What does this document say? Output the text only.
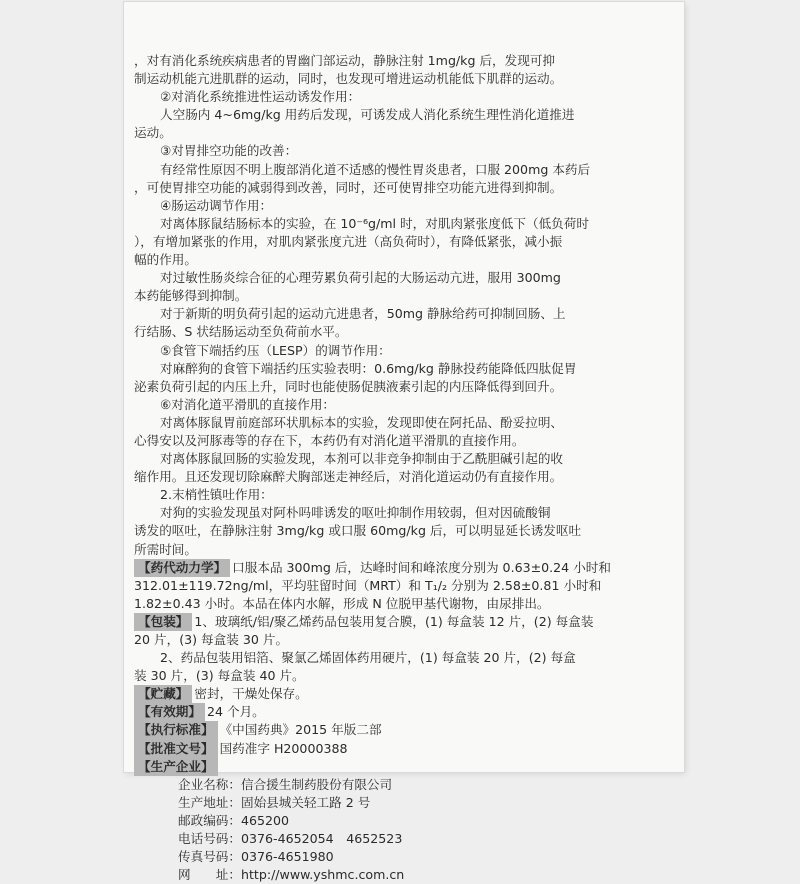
，对有消化系统疾病患者的胃幽门部运动，静脉注射 1mg/kg 后，发现可抑
制运动机能亢进肌群的运动，同时，也发现可增进运动机能低下肌群的运动。
②对消化系统推进性运动诱发作用：
人空肠内 4~6mg/kg 用药后发现，可诱发成人消化系统生理性消化道推进
运动。
③对胃排空功能的改善：
有经常性原因不明上腹部消化道不适感的慢性胃炎患者，口服 200mg 本药后
，可使胃排空功能的减弱得到改善，同时，还可使胃排空功能亢进得到抑制。
④肠运动调节作用：
对离体豚鼠结肠标本的实验，在 10⁻⁶g/ml 时，对肌肉紧张度低下（低负荷时
），有增加紧张的作用，对肌肉紧张度亢进（高负荷时），有降低紧张，减小振
幅的作用。
对过敏性肠炎综合征的心理劳累负荷引起的大肠运动亢进，服用 300mg
本药能够得到抑制。
对于新斯的明负荷引起的运动亢进患者，50mg 静脉给药可抑制回肠、上
行结肠、S 状结肠运动至负荷前水平。
⑤食管下端括约压（LESP）的调节作用：
对麻醉狗的食管下端括约压实验表明：0.6mg/kg 静脉投药能降低四肽促胃
泌素负荷引起的内压上升，同时也能使肠促胰液素引起的内压降低得到回升。
⑥对消化道平滑肌的直接作用：
对离体豚鼠胃前庭部环状肌标本的实验，发现即使在阿托品、酚妥拉明、
心得安以及河豚毒等的存在下，本药仍有对消化道平滑肌的直接作用。
对离体豚鼠回肠的实验发现，本剂可以非竞争抑制由于乙酰胆碱引起的收
缩作用。且还发现切除麻醉犬胸部迷走神经后，对消化道运动仍有直接作用。
2.末梢性镇吐作用：
对狗的实验发现虽对阿朴吗啡诱发的呕吐抑制作用较弱，但对因硫酸铜
诱发的呕吐，在静脉注射 3mg/kg 或口服 60mg/kg 后，可以明显延长诱发呕吐
所需时间。
【药代动力学】 口服本品 300mg 后，达峰时间和峰浓度分别为 0.63±0.24 小时和
312.01±119.72ng/ml，平均驻留时间（MRT）和 T₁/₂ 分别为 2.58±0.81 小时和
1.82±0.43 小时。本品在体内水解，形成 N 位脱甲基代谢物，由尿排出。
【包装】 1、玻璃纸/铝/聚乙烯药品包装用复合膜，(1) 每盒装 12 片，(2) 每盒装
20 片，(3) 每盒装 30 片。
2、药品包装用铝箔、聚氯乙烯固体药用硬片，(1) 每盒装 20 片，(2) 每盒
装 30 片，(3) 每盒装 40 片。
【贮藏】 密封，干燥处保存。
【有效期】 24 个月。
【执行标准】 《中国药典》2015 年版二部
【批准文号】 国药准字 H20000388
【生产企业】
企业名称：信合援生制药股份有限公司
生产地址：固始县城关轻工路 2 号
邮政编码：465200
电话号码：0376-4652054　4652523
传真号码：0376-4651980
网　　址：http://www.yshmc.com.cn
